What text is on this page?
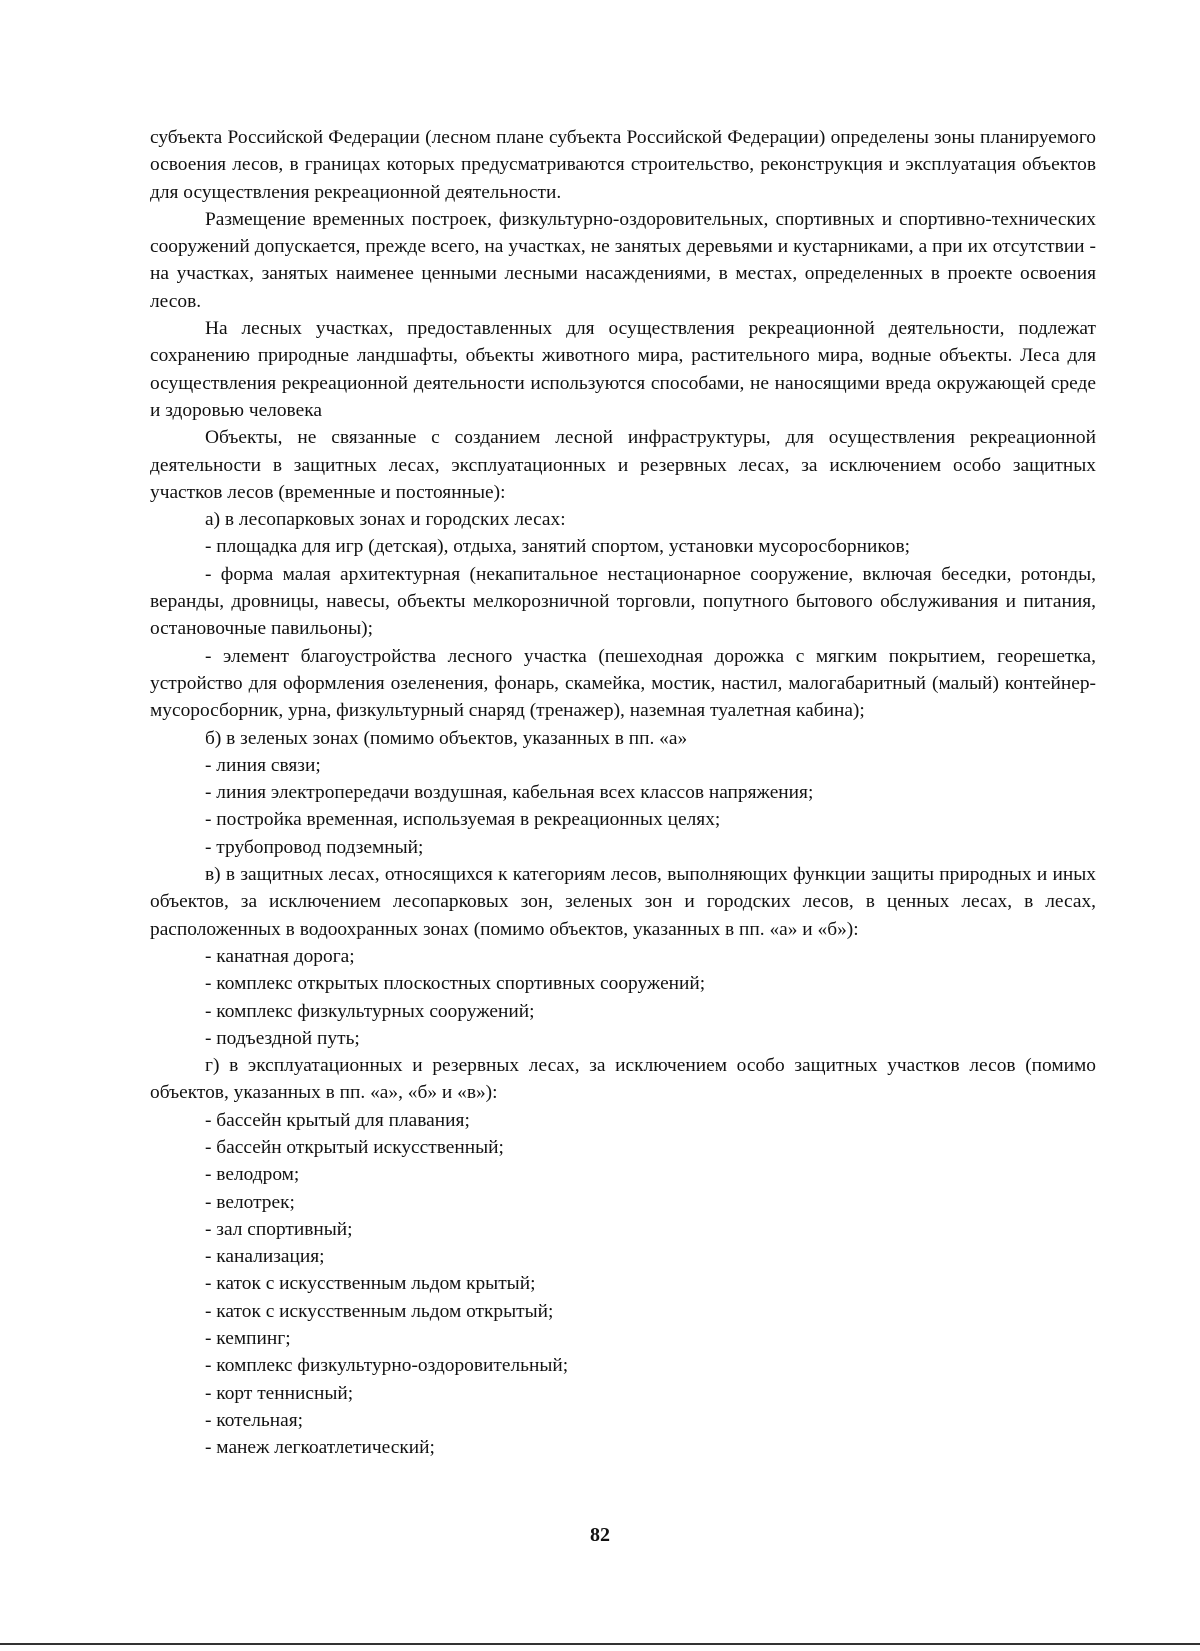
субъекта Российской Федерации (лесном плане субъекта Российской Федерации) определены зоны планируемого освоения лесов, в границах которых предусматриваются строительство, реконструкция и эксплуатация объектов для осуществления рекреационной деятельности.

Размещение временных построек, физкультурно-оздоровительных, спортивных и спортивно-технических сооружений допускается, прежде всего, на участках, не занятых деревьями и кустарниками, а при их отсутствии - на участках, занятых наименее ценными лесными насаждениями, в местах, определенных в проекте освоения лесов.

На лесных участках, предоставленных для осуществления рекреационной деятельности, подлежат сохранению природные ландшафты, объекты животного мира, растительного мира, водные объекты. Леса для осуществления рекреационной деятельности используются способами, не наносящими вреда окружающей среде и здоровью человека

Объекты, не связанные с созданием лесной инфраструктуры, для осуществления рекреационной деятельности в защитных лесах, эксплуатационных и резервных лесах, за исключением особо защитных участков лесов (временные и постоянные):

а) в лесопарковых зонах и городских лесах:

- площадка для игр (детская), отдыха, занятий спортом, установки мусоросборников;

- форма малая архитектурная (некапитальное нестационарное сооружение, включая беседки, ротонды, веранды, дровницы, навесы, объекты мелкорозничной торговли, попутного бытового обслуживания и питания, остановочные павильоны);

- элемент благоустройства лесного участка (пешеходная дорожка с мягким покрытием, георешетка, устройство для оформления озеленения, фонарь, скамейка, мостик, настил, малогабаритный (малый) контейнер-мусоросборник, урна, физкультурный снаряд (тренажер), наземная туалетная кабина);

б) в зеленых зонах (помимо объектов, указанных в пп. «а»

- линия связи;

- линия электропередачи воздушная, кабельная всех классов напряжения;

- постройка временная, используемая в рекреационных целях;

- трубопровод подземный;

в) в защитных лесах, относящихся к категориям лесов, выполняющих функции защиты природных и иных объектов, за исключением лесопарковых зон, зеленых зон и городских лесов, в ценных лесах, в лесах, расположенных в водоохранных зонах (помимо объектов, указанных в пп. «а» и «б»):

- канатная дорога;

- комплекс открытых плоскостных спортивных сооружений;

- комплекс физкультурных сооружений;

- подъездной путь;

г) в эксплуатационных и резервных лесах, за исключением особо защитных участков лесов (помимо объектов, указанных в пп. «а», «б» и «в»):

- бассейн крытый для плавания;

- бассейн открытый искусственный;

- велодром;

- велотрек;

- зал спортивный;

- канализация;

- каток с искусственным льдом крытый;

- каток с искусственным льдом открытый;

- кемпинг;

- комплекс физкультурно-оздоровительный;

- корт теннисный;

- котельная;

- манеж легкоатлетический;

82
